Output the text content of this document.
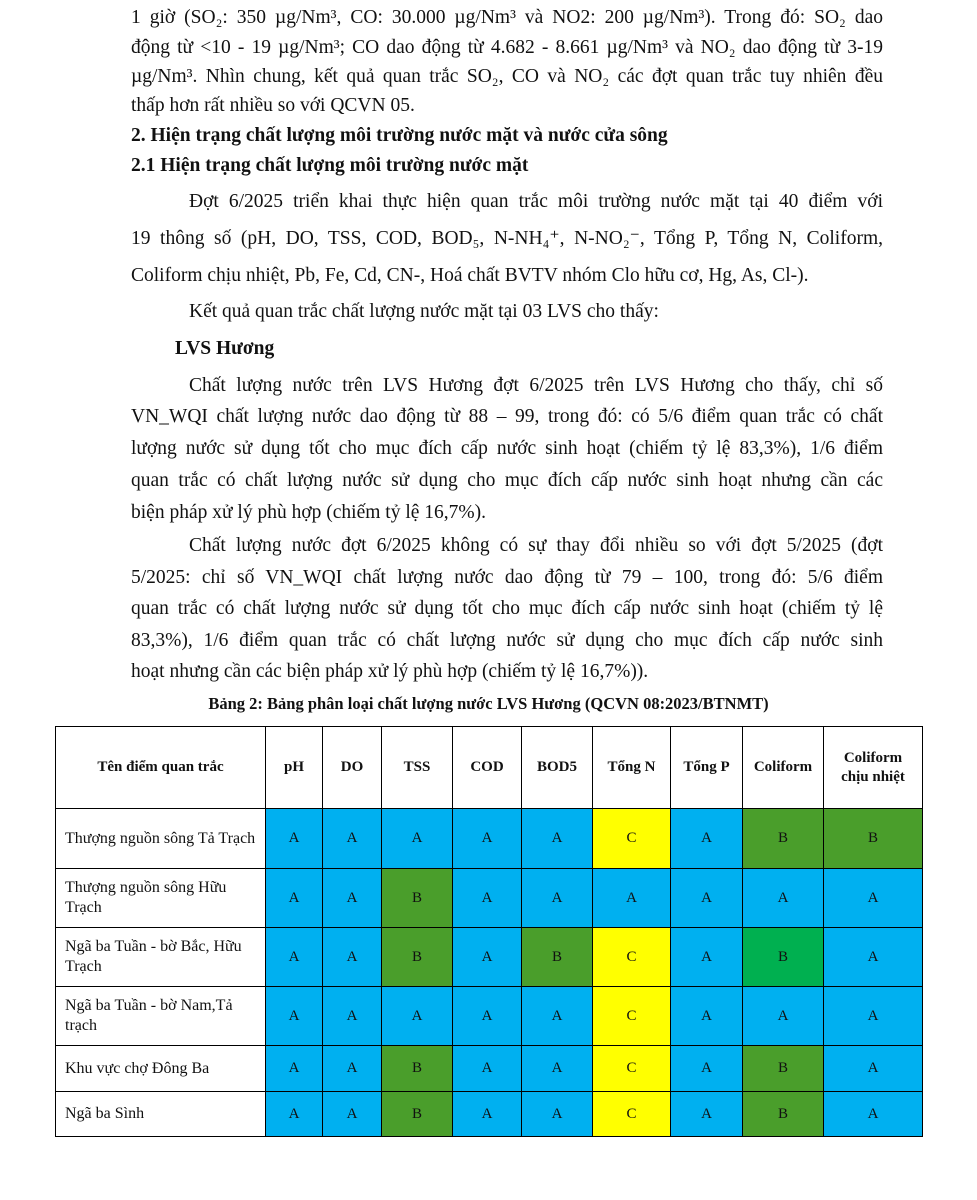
1 giờ (SO₂: 350 µg/Nm³, CO: 30.000 µg/Nm³ và NO2: 200 µg/Nm³). Trong đó: SO₂ dao
động từ <10 - 19 µg/Nm³; CO dao động từ 4.682 - 8.661 µg/Nm³ và NO₂ dao động từ 3-19
µg/Nm³. Nhìn chung, kết quả quan trắc SO₂, CO và NO₂ các đợt quan trắc tuy nhiên đều
thấp hơn rất nhiều so với QCVN 05.
2. Hiện trạng chất lượng môi trường nước mặt và nước cửa sông
2.1 Hiện trạng chất lượng môi trường nước mặt
Đợt 6/2025 triển khai thực hiện quan trắc môi trường nước mặt tại 40 điểm với
19 thông số (pH, DO, TSS, COD, BOD₅, N-NH₄⁺, N-NO₂⁻, Tổng P, Tổng N, Coliform,
Coliform chịu nhiệt, Pb, Fe, Cd, CN-, Hoá chất BVTV nhóm Clo hữu cơ, Hg, As, Cl-).
Kết quả quan trắc chất lượng nước mặt tại 03 LVS cho thấy:
LVS Hương
Chất lượng nước trên LVS Hương đợt 6/2025 trên LVS Hương cho thấy, chỉ số
VN_WQI chất lượng nước dao động từ 88 – 99, trong đó: có 5/6 điểm quan trắc có chất
lượng nước sử dụng tốt cho mục đích cấp nước sinh hoạt (chiếm tỷ lệ 83,3%), 1/6 điểm
quan trắc có chất lượng nước sử dụng cho mục đích cấp nước sinh hoạt nhưng cần các
biện pháp xử lý phù hợp (chiếm tỷ lệ 16,7%).
Chất lượng nước đợt 6/2025 không có sự thay đổi nhiều so với đợt 5/2025 (đợt
5/2025: chỉ số VN_WQI chất lượng nước dao động từ 79 – 100, trong đó: 5/6 điểm
quan trắc có chất lượng nước sử dụng tốt cho mục đích cấp nước sinh hoạt (chiếm tỷ lệ
83,3%), 1/6 điểm quan trắc có chất lượng nước sử dụng cho mục đích cấp nước sinh
hoạt nhưng cần các biện pháp xử lý phù hợp (chiếm tỷ lệ 16,7%)).
Bảng 2: Bảng phân loại chất lượng nước LVS Hương (QCVN 08:2023/BTNMT)
Tên điểm quan trắc	pH	DO	TSS	COD	BOD5	Tổng N	Tổng P	Coliform	Coliform chịu nhiệt
Thượng nguồn sông Tả Trạch	A	A	A	A	A	C	A	B	B
Thượng nguồn sông Hữu Trạch	A	A	B	A	A	A	A	A	A
Ngã ba Tuần - bờ Bắc, Hữu Trạch	A	A	B	A	B	C	A	B	A
Ngã ba Tuần - bờ Nam,Tả trạch	A	A	A	A	A	C	A	A	A
Khu vực chợ Đông Ba	A	A	B	A	A	C	A	B	A
Ngã ba Sình	A	A	B	A	A	C	A	B	A
